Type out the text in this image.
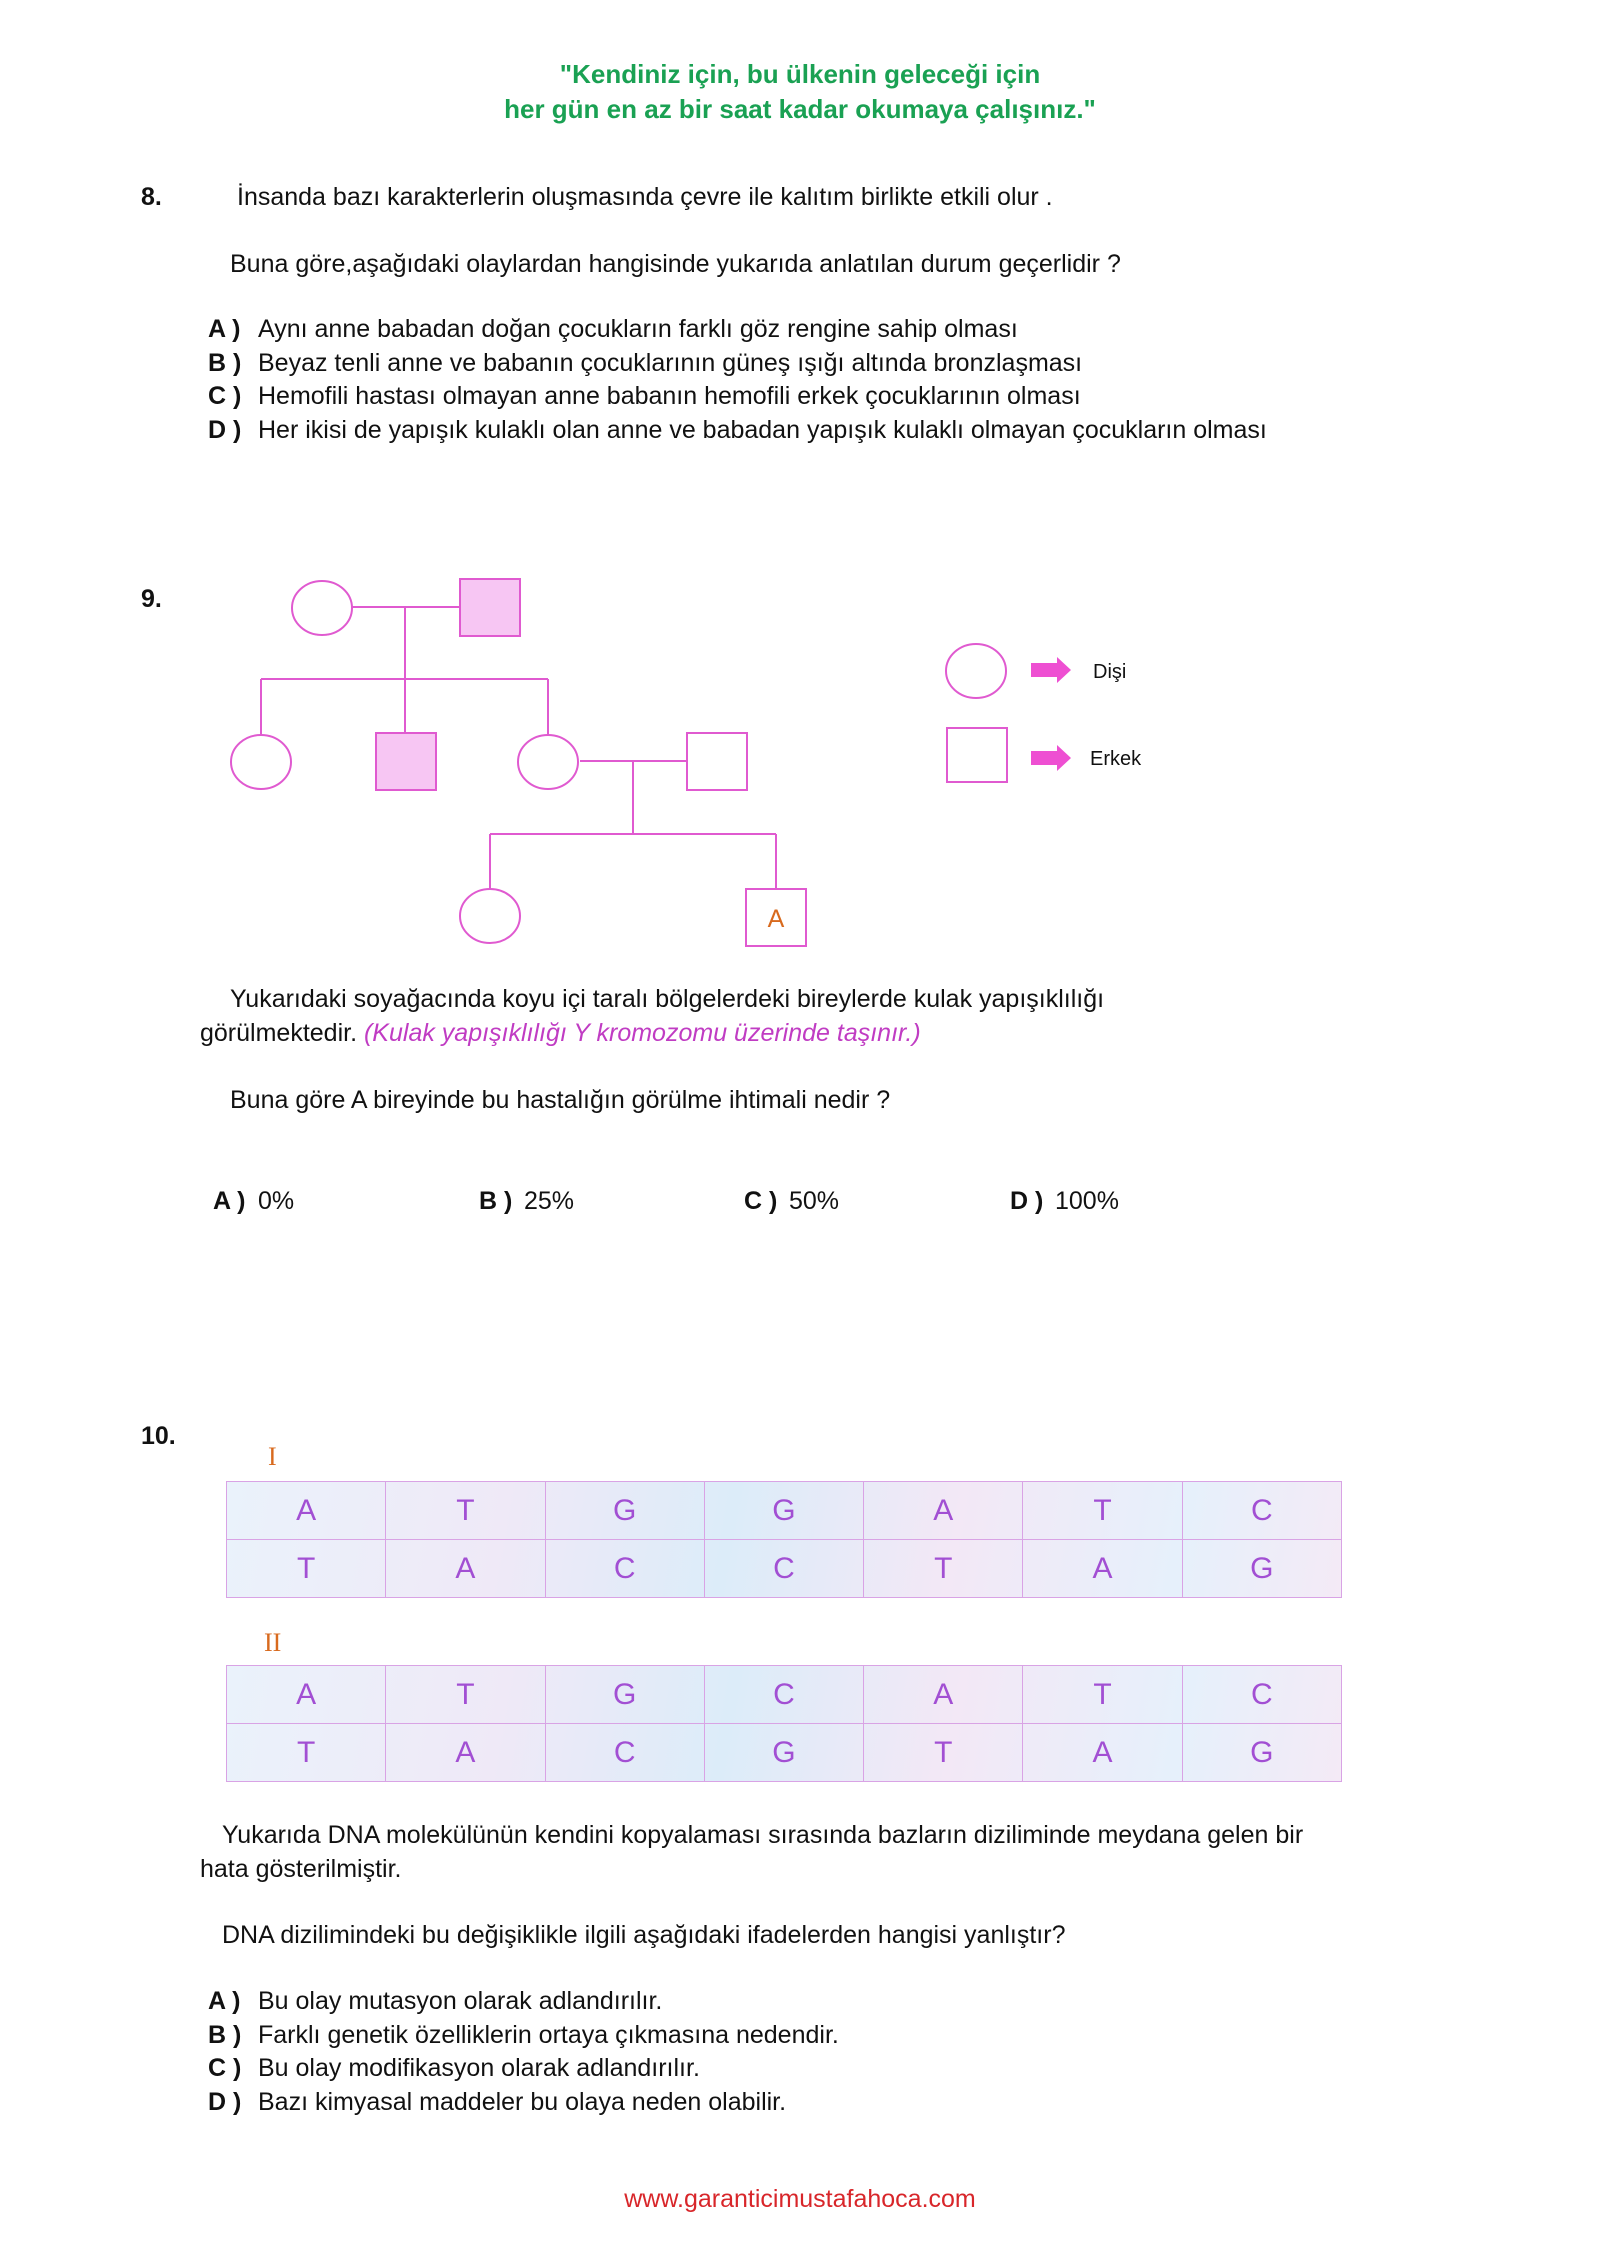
"Kendiniz için, bu ülkenin geleceği için
her gün en az bir saat kadar okumaya çalışınız."
8.	İnsanda bazı karakterlerin oluşmasında çevre ile kalıtım birlikte etkili olur .
Buna göre,aşağıdaki olaylardan hangisinde yukarıda anlatılan durum geçerlidir ?
A ) Aynı anne babadan doğan çocukların farklı göz rengine sahip olması
B ) Beyaz tenli anne ve babanın çocuklarının güneş ışığı altında bronzlaşması
C ) Hemofili hastası olmayan anne babanın hemofili erkek çocuklarının olması
D ) Her ikisi de yapışık kulaklı olan anne ve babadan yapışık kulaklı olmayan çocukların olması
9.
A
Dişi
Erkek
Yukarıdaki soyağacında koyu içi taralı bölgelerdeki bireylerde kulak yapışıklılığı
görülmektedir. (Kulak yapışıklılığı Y kromozomu üzerinde taşınır.)
Buna göre A bireyinde bu hastalığın görülme ihtimali nedir ?
A ) 0%	B ) 25%	C ) 50%	D ) 100%
10.
I
A	T	G	G	A	T	C
T	A	C	C	T	A	G
II
A	T	G	C	A	T	C
T	A	C	G	T	A	G
Yukarıda DNA molekülünün kendini kopyalaması sırasında bazların diziliminde meydana gelen bir
hata gösterilmiştir.
DNA dizilimindeki bu değişiklikle ilgili aşağıdaki ifadelerden hangisi yanlıştır?
A ) Bu olay mutasyon olarak adlandırılır.
B ) Farklı genetik özelliklerin ortaya çıkmasına nedendir.
C ) Bu olay modifikasyon olarak adlandırılır.
D ) Bazı kimyasal maddeler bu olaya neden olabilir.
www.garanticimustafahoca.com
